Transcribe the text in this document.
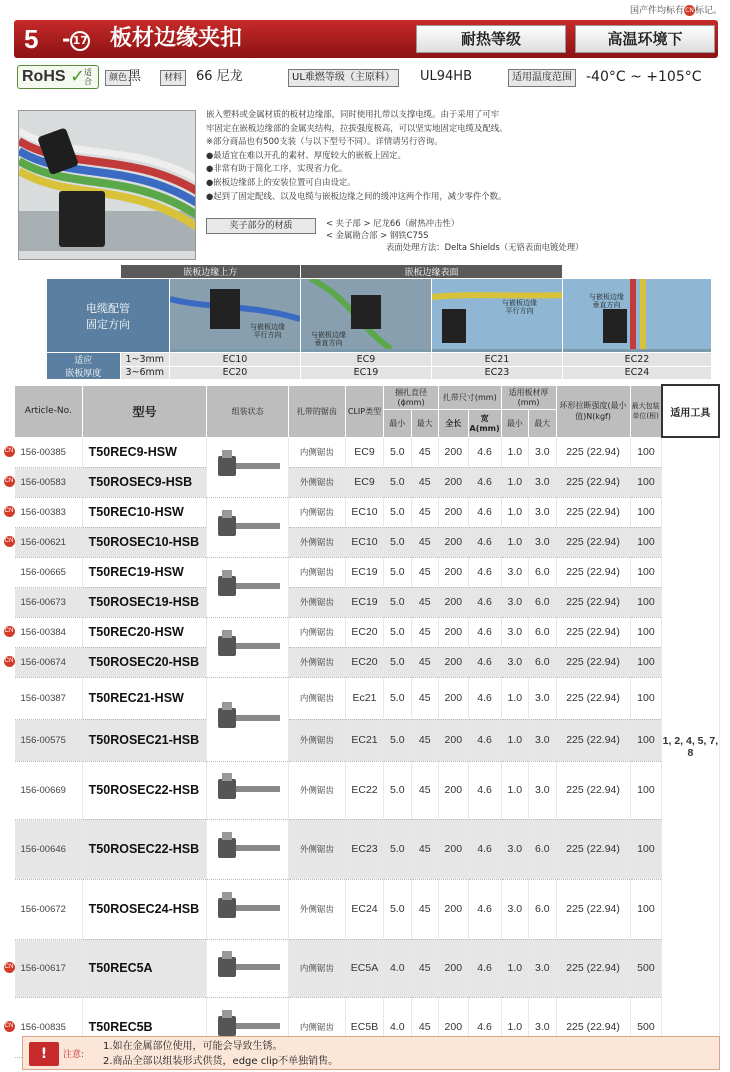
国产件均标有CN标记。
5	- 17 板材边缘夹扣	耐热等级	高温环境下
RoHS ✓
适合	颜色 黑	材料	66 尼龙	UL难燃等级（主原料）	UL94HB	适用温度范围 -40°C ~ +105°C
嵌入塑料或金属材质的板材边缘部，同时使用扎带以支撑电缆。由于采用了可牢
牢固定在嵌板边缘部的金属夹结构，拉拔强度极高，可以坚实地固定电缆及配线。
※部分商品也有500支装（与以下型号不同）。详情请另行咨询。
●最适宜在难以开孔的素材、厚度较大的嵌板上固定。
●非常有助于简化工序，实现省力化。
●嵌板边缘部上的安装位置可自由设定。
●起到了固定配线、以及电缆与嵌板边缘之间的缓冲这两个作用，减少零件个数。
夹子部分的材质	< 夹子部 > 尼龙66（耐热冲击性）
< 金属勘合部 > 钢铁C75S
表面处理方法：Delta Shields（无铬表面电镀处理）
	嵌板边缘上方		嵌板边缘表面		
电缆配管
固定方向		与嵌板边缘
平行方向	与嵌板边缘
垂直方向	与嵌板边缘
平行方向	与嵌板边缘
垂直方向

适应
嵌板厚度	1~3mm	EC10	EC9	EC21	EC22
	3~6mm	EC20	EC19	EC23	EC24
Article-No.	型号	组装状态	扎带的锯齿	CLIP类型	捆扎直径(ϕmm)		扎带尺寸(mm)		适用板材厚(mm)		环形拉断强度(最小值)N(kgf)	最大包装单位(根)	适用工具
					最小	最大	全长	宽A(mm)	最小	最大			

CN 156-00385	T50REC9-HSW		内侧锯齿	EC9	5.0	45	200	4.6	1.0	3.0	225 (22.94)	100	1, 2, 4, 5, 7, 8

CN 156-00583	T50ROSEC9-HSB		外侧锯齿	EC9	5.0	45	200	4.6	1.0	3.0	225 (22.94)	100	

CN 156-00383	T50REC10-HSW		内侧锯齿	EC10	5.0	45	200	4.6	1.0	3.0	225 (22.94)	100	

CN 156-00621	T50ROSEC10-HSB		外侧锯齿	EC10	5.0	45	200	4.6	1.0	3.0	225 (22.94)	100	
156-00665	T50REC19-HSW		内侧锯齿	EC19	5.0	45	200	4.6	3.0	6.0	225 (22.94)	100	
156-00673	T50ROSEC19-HSB		外侧锯齿	EC19	5.0	45	200	4.6	3.0	6.0	225 (22.94)	100	

CN 156-00384	T50REC20-HSW		内侧锯齿	EC20	5.0	45	200	4.6	3.0	6.0	225 (22.94)	100	

CN 156-00674	T50ROSEC20-HSB		外侧锯齿	EC20	5.0	45	200	4.6	3.0	6.0	225 (22.94)	100	
156-00387	T50REC21-HSW		内侧锯齿	Ec21	5.0	45	200	4.6	1.0	3.0	225 (22.94)	100	
156-00575	T50ROSEC21-HSB		外侧锯齿	EC21	5.0	45	200	4.6	1.0	3.0	225 (22.94)	100	
156-00669	T50ROSEC22-HSB		外侧锯齿	EC22	5.0	45	200	4.6	1.0	3.0	225 (22.94)	100	
156-00646	T50ROSEC22-HSB		外侧锯齿	EC23	5.0	45	200	4.6	3.0	6.0	225 (22.94)	100	
156-00672	T50ROSEC24-HSB		外侧锯齿	EC24	5.0	45	200	4.6	3.0	6.0	225 (22.94)	100	

CN 156-00617	T50REC5A		内侧锯齿	EC5A	4.0	45	200	4.6	1.0	3.0	225 (22.94)	500	

CN 156-00835	T50REC5B		内侧锯齿	EC5B	4.0	45	200	4.6	1.0	3.0	225 (22.94)	500	
!	注意:
1.如在金属部位使用，可能会导致生锈。
2.商品全部以组装形式供货，edge clip不单独销售。
